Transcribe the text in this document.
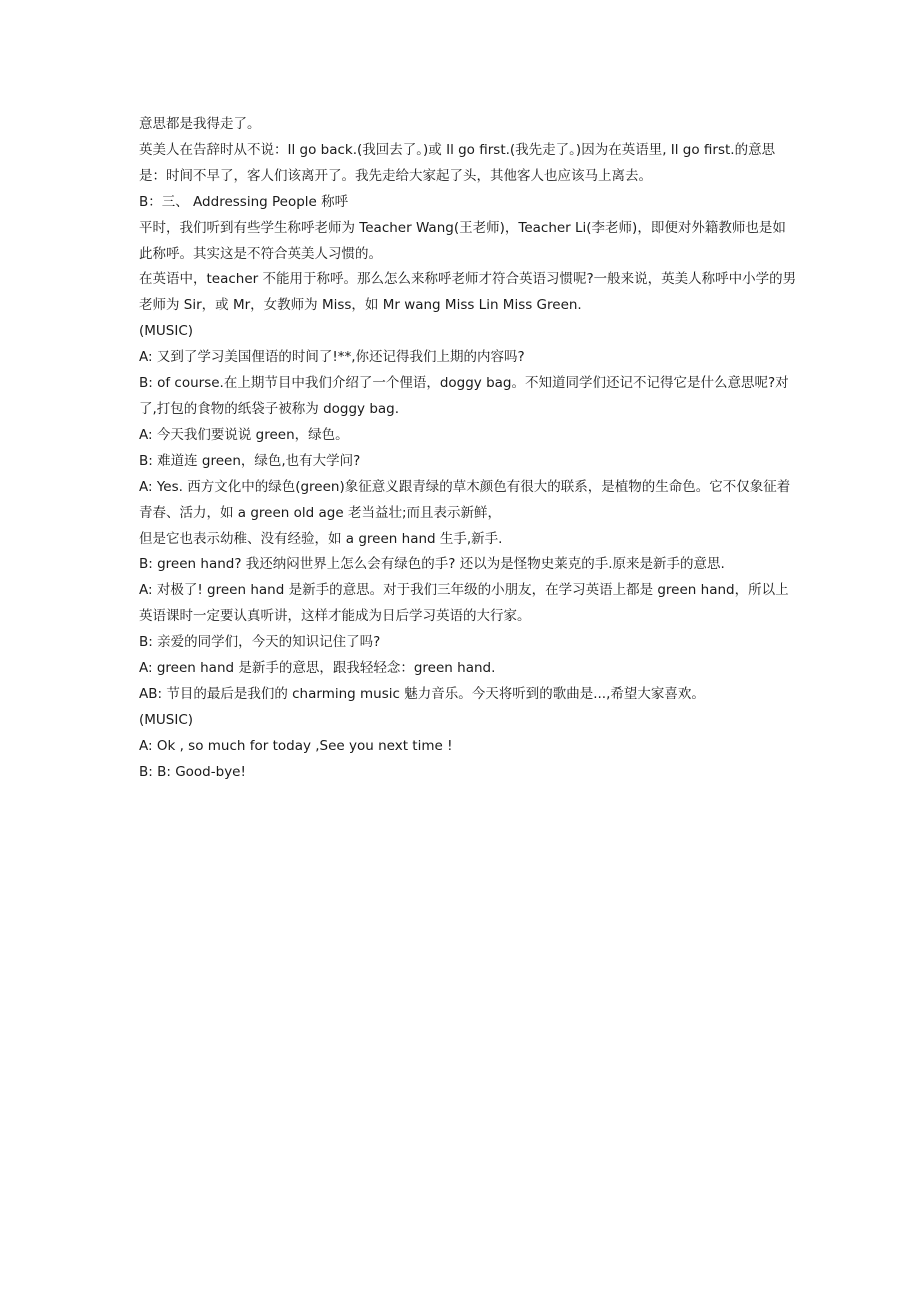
意思都是我得走了。

英美人在告辞时从不说：Il go back.(我回去了。)或 Il go first.(我先走了。)因为在英语里, Il go first.的意思是：时间不早了，客人们该离开了。我先走给大家起了头，其他客人也应该马上离去。

B：三、 Addressing People 称呼

平时，我们听到有些学生称呼老师为 Teacher Wang(王老师)，Teacher Li(李老师)，即便对外籍教师也是如此称呼。其实这是不符合英美人习惯的。

在英语中，teacher 不能用于称呼。那么怎么来称呼老师才符合英语习惯呢?一般来说，英美人称呼中小学的男老师为 Sir，或 Mr，女教师为 Miss，如 Mr wang Miss Lin Miss Green.

(MUSIC)

A: 又到了学习美国俚语的时间了!**,你还记得我们上期的内容吗?

B: of course.在上期节目中我们介绍了一个俚语，doggy bag。不知道同学们还记不记得它是什么意思呢?对了,打包的食物的纸袋子被称为 doggy bag.

A: 今天我们要说说 green，绿色。

B: 难道连 green，绿色,也有大学问?

A: Yes. 西方文化中的绿色(green)象征意义跟青绿的草木颜色有很大的联系，是植物的生命色。它不仅象征着青春、活力，如 a green old age 老当益壮;而且表示新鲜，

但是它也表示幼稚、没有经验，如 a green hand 生手,新手.

B: green hand? 我还纳闷世界上怎么会有绿色的手? 还以为是怪物史莱克的手.原来是新手的意思.

A: 对极了! green hand 是新手的意思。对于我们三年级的小朋友，在学习英语上都是 green hand，所以上英语课时一定要认真听讲，这样才能成为日后学习英语的大行家。

B: 亲爱的同学们，今天的知识记住了吗?

A: green hand 是新手的意思，跟我轻轻念：green hand.

AB: 节目的最后是我们的 charming music 魅力音乐。今天将听到的歌曲是...,希望大家喜欢。

(MUSIC)

A: Ok , so much for today ,See you next time !

B: B: Good-bye!
